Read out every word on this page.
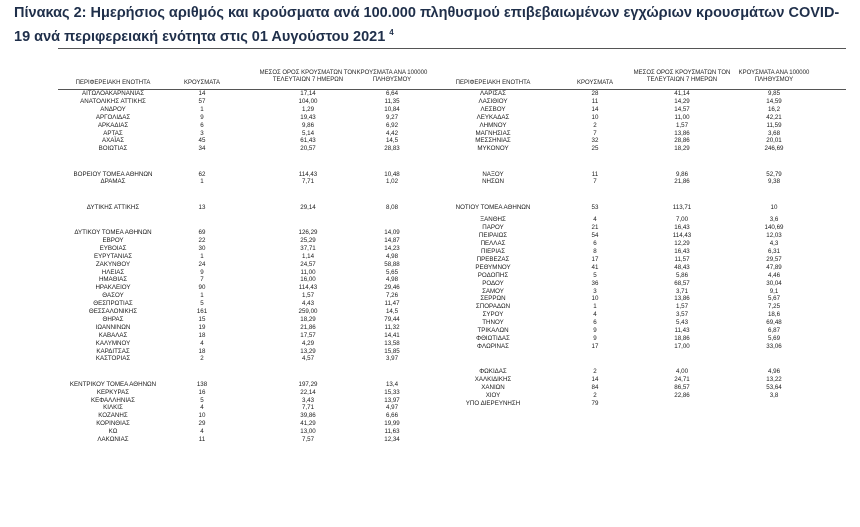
Πίνακας 2: Ημερήσιος αριθμός και κρούσματα ανά 100.000 πληθυσμού επιβεβαιωμένων εγχώριων κρουσμάτων COVID-19 ανά περιφερειακή ενότητα στις 01 Αυγούστου 2021 $^4$
ΠΕΡΙΦΕΡΕΙΑΚΗ ΕΝΟΤΗΤΑ	ΚΡΟΥΣΜΑΤΑ
ΜΕΣΟΣ ΟΡΟΣ ΚΡΟΥΣΜΑΤΩΝ ΤΟΝ ΤΕΛΕΥΤΑΙΩΝ 7 ΗΜΕΡΩΝ
ΚΡΟΥΣΜΑΤΑ ΑΝΑ 100000 ΠΛΗΘΥΣΜΟΥ	ΠΕΡΙΦΕΡΕΙΑΚΗ ΕΝΟΤΗΤΑ	ΚΡΟΥΣΜΑΤΑ
ΜΕΣΟΣ ΟΡΟΣ ΚΡΟΥΣΜΑΤΩΝ ΤΟΝ ΤΕΛΕΥΤΑΙΩΝ 7 ΗΜΕΡΩΝ
ΚΡΟΥΣΜΑΤΑ ΑΝΑ 100000 ΠΛΗΘΥΣΜΟΥ
ΑΙΤΩΛΟΑΚΑΡΝΑΝΙΑΣ	14	17,14	6,64
ΑΝΑΤΟΛΙΚΗΣ ΑΤΤΙΚΗΣ	57	104,00	11,35
ΑΝΔΡΟΥ	1	1,29	10,84
ΑΡΓΟΛΙΔΑΣ	9	19,43	9,27
ΑΡΚΑΔΙΑΣ	6	9,86	6,92
ΑΡΤΑΣ	3	5,14	4,42
ΑΧΑΪΑΣ	45	61,43	14,5
ΒΟΙΩΤΙΑΣ	34	20,57	28,83
ΒΟΡΕΙΟΥ ΤΟΜΕΑ ΑΘΗΝΩΝ	62	114,43	10,48
ΔΡΑΜΑΣ	1	7,71	1,02
ΔΥΤΙΚΗΣ ΑΤΤΙΚΗΣ	13	29,14	8,08
ΔΥΤΙΚΟΥ ΤΟΜΕΑ ΑΘΗΝΩΝ	69	126,29	14,09
ΕΒΡΟΥ	22	25,29	14,87
ΕΥΒΟΙΑΣ	30	37,71	14,23
ΕΥΡΥΤΑΝΙΑΣ	1	1,14	4,98
ΖΑΚΥΝΘΟΥ	24	24,57	58,88
ΗΛΕΙΑΣ	9	11,00	5,65
ΗΜΑΘΙΑΣ	7	16,00	4,98
ΗΡΑΚΛΕΙΟΥ	90	114,43	29,46
ΘΑΣΟΥ	1	1,57	7,26
ΘΕΣΠΡΩΤΙΑΣ	5	4,43	11,47
ΘΕΣΣΑΛΟΝΙΚΗΣ	161	259,00	14,5
ΘΗΡΑΣ	15	18,29	79,44
ΙΩΑΝΝΙΝΩΝ	19	21,86	11,32
ΚΑΒΑΛΑΣ	18	17,57	14,41
ΚΑΛΥΜΝΟΥ	4	4,29	13,58
ΚΑΡΔΙΤΣΑΣ	18	13,29	15,85
ΚΑΣΤΟΡΙΑΣ	2	4,57	3,97
ΚΕΝΤΡΙΚΟΥ ΤΟΜΕΑ ΑΘΗΝΩΝ	138	197,29	13,4
ΚΕΡΚΥΡΑΣ	16	22,14	15,33
ΚΕΦΑΛΛΗΝΙΑΣ	5	3,43	13,97
ΚΙΛΚΙΣ	4	7,71	4,97
ΚΟΖΑΝΗΣ	10	39,86	6,66
ΚΟΡΙΝΘΙΑΣ	29	41,29	19,99
ΚΩ	4	13,00	11,63
ΛΑΚΩΝΙΑΣ	11	7,57	12,34
ΛΑΡΙΣΑΣ	28	41,14	9,85
ΛΑΣΙΘΙΟΥ	11	14,29	14,59
ΛΕΣΒΟΥ	14	14,57	16,2
ΛΕΥΚΑΔΑΣ	10	11,00	42,21
ΛΗΜΝΟΥ	2	1,57	11,59
ΜΑΓΝΗΣΙΑΣ	7	13,86	3,68
ΜΕΣΣΗΝΙΑΣ	32	28,86	20,01
ΜΥΚΟΝΟΥ	25	18,29	246,69
ΝΑΞΟΥ	11	9,86	52,79
ΝΗΣΩΝ	7	21,86	9,38
ΝΟΤΙΟΥ ΤΟΜΕΑ ΑΘΗΝΩΝ	53	113,71	10
ΞΑΝΘΗΣ	4	7,00	3,6
ΠΑΡΟΥ	21	16,43	140,69
ΠΕΙΡΑΙΩΣ	54	114,43	12,03
ΠΕΛΛΑΣ	6	12,29	4,3
ΠΙΕΡΙΑΣ	8	16,43	6,31
ΠΡΕΒΕΖΑΣ	17	11,57	29,57
ΡΕΘΥΜΝΟΥ	41	48,43	47,89
ΡΟΔΟΠΗΣ	5	5,86	4,46
ΡΟΔΟΥ	36	68,57	30,04
ΣΑΜΟΥ	3	3,71	9,1
ΣΕΡΡΩΝ	10	13,86	5,67
ΣΠΟΡΑΔΩΝ	1	1,57	7,25
ΣΥΡΟΥ	4	3,57	18,6
ΤΗΝΟΥ	6	5,43	69,48
ΤΡΙΚΑΛΩΝ	9	11,43	6,87
ΦΘΙΩΤΙΔΑΣ	9	18,86	5,69
ΦΛΩΡΙΝΑΣ	17	17,00	33,06
ΦΩΚΙΔΑΣ	2	4,00	4,96
ΧΑΛΚΙΔΙΚΗΣ	14	24,71	13,22
ΧΑΝΙΩΝ	84	86,57	53,64
ΧΙΟΥ	2	22,86	3,8
ΥΠΟ ΔΙΕΡΕΥΝΗΣΗ	79
